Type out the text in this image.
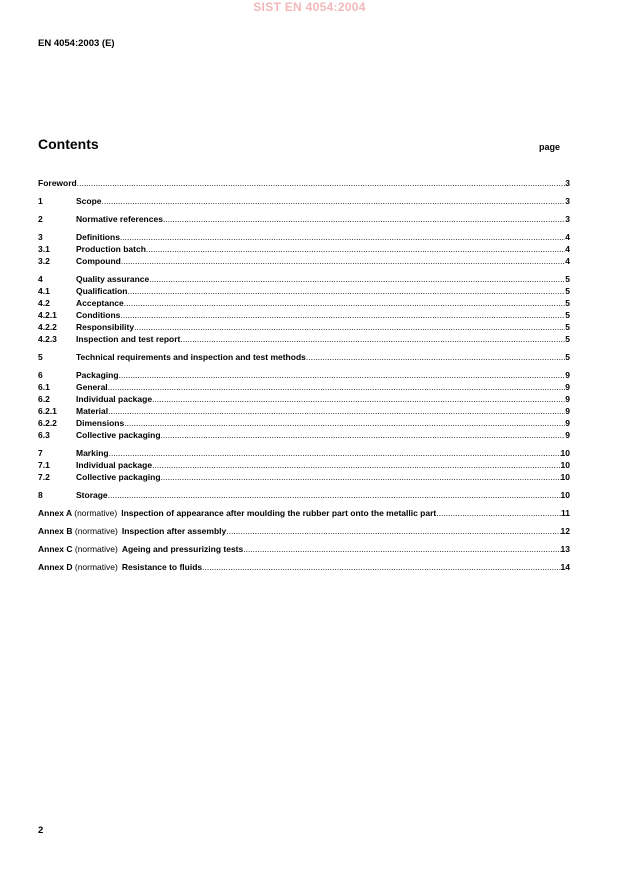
SIST EN 4054:2004
EN 4054:2003 (E)
Contents	page
Foreword .....	3
1	Scope .....	3
2	Normative references .....	3
3	Definitions .....	4
3.1	Production batch .....	4
3.2	Compound .....	4
4	Quality assurance .....	5
4.1	Qualification .....	5
4.2	Acceptance .....	5
4.2.1	Conditions .....	5
4.2.2	Responsibility .....	5
4.2.3	Inspection and test report .....	5
5	Technical requirements and inspection and test methods .....	5
6	Packaging .....	9
6.1	General .....	9
6.2	Individual package .....	9
6.2.1	Material .....	9
6.2.2	Dimensions .....	9
6.3	Collective packaging .....	9
7	Marking .....	10
7.1	Individual package .....	10
7.2	Collective packaging .....	10
8	Storage .....	10
Annex A (normative) Inspection of appearance after moulding the rubber part onto the metallic part .....	11
Annex B (normative) Inspection after assembly .....	12
Annex C (normative) Ageing and pressurizing tests .....	13
Annex D (normative) Resistance to fluids .....	14
2
